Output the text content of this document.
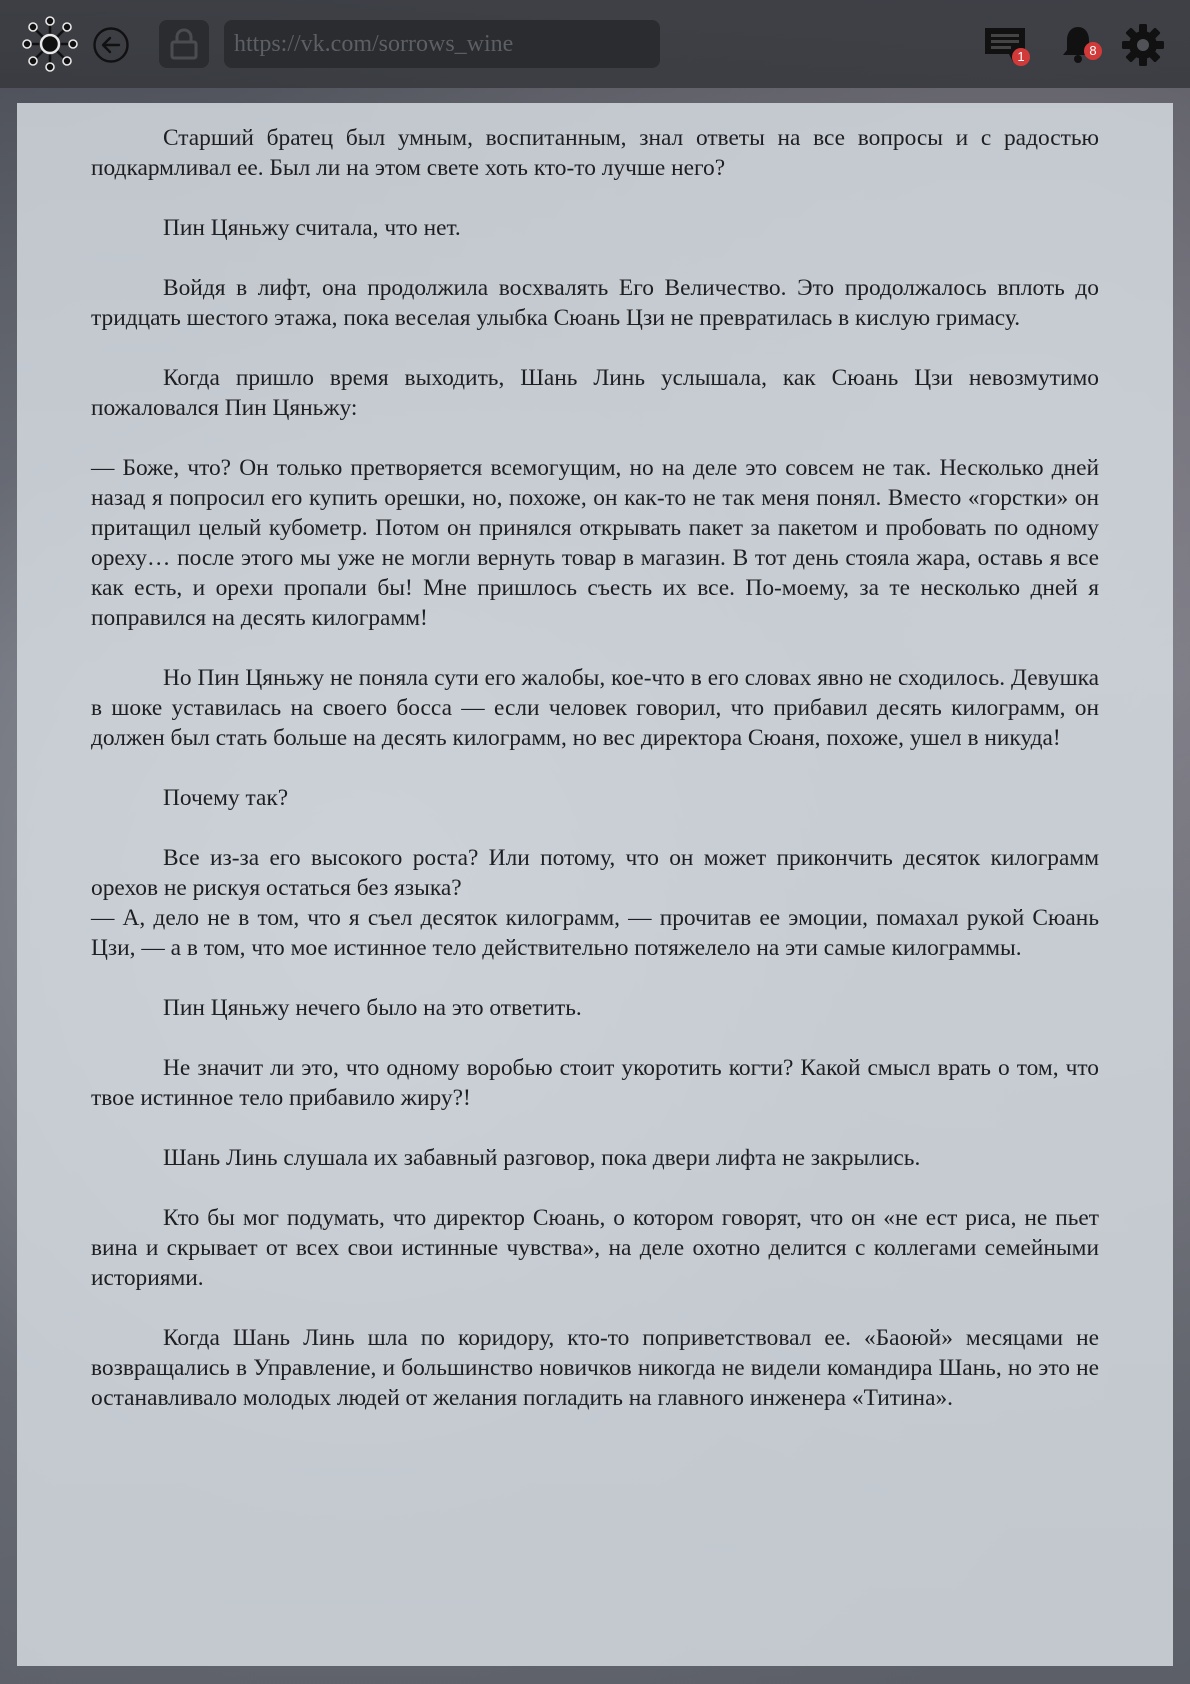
https://vk.com/sorrows_wine	1	8

Старший братец был умным, воспитанным, знал ответы на все вопросы и с радостью подкармливал ее. Был ли на этом свете хоть кто-то лучше него?

Пин Цяньжу считала, что нет.

Войдя в лифт, она продолжила восхвалять Его Величество. Это продолжалось вплоть до тридцать шестого этажа, пока веселая улыбка Сюань Цзи не превратилась в кислую гримасу.

Когда пришло время выходить, Шань Линь услышала, как Сюань Цзи невозмутимо пожаловался Пин Цяньжу:

— Боже, что? Он только претворяется всемогущим, но на деле это совсем не так. Несколько дней назад я попросил его купить орешки, но, похоже, он как-то не так меня понял. Вместо «горстки» он притащил целый кубометр. Потом он принялся открывать пакет за пакетом и пробовать по одному ореху… после этого мы уже не могли вернуть товар в магазин. В тот день стояла жара, оставь я все как есть, и орехи пропали бы! Мне пришлось съесть их все. По-моему, за те несколько дней я поправился на десять килограмм!

Но Пин Цяньжу не поняла сути его жалобы, кое-что в его словах явно не сходилось. Девушка в шоке уставилась на своего босса — если человек говорил, что прибавил десять килограмм, он должен был стать больше на десять килограмм, но вес директора Сюаня, похоже, ушел в никуда!

Почему так?

Все из-за его высокого роста? Или потому, что он может прикончить десяток килограмм орехов не рискуя остаться без языка?

— А, дело не в том, что я съел десяток килограмм, — прочитав ее эмоции, помахал рукой Сюань Цзи, — а в том, что мое истинное тело действительно потяжелело на эти самые килограммы.

Пин Цяньжу нечего было на это ответить.

Не значит ли это, что одному воробью стоит укоротить когти? Какой смысл врать о том, что твое истинное тело прибавило жиру?!

Шань Линь слушала их забавный разговор, пока двери лифта не закрылись.

Кто бы мог подумать, что директор Сюань, о котором говорят, что он «не ест риса, не пьет вина и скрывает от всех свои истинные чувства», на деле охотно делится с коллегами семейными историями.

Когда Шань Линь шла по коридору, кто-то поприветствовал ее. «Баоюй» месяцами не возвращались в Управление, и большинство новичков никогда не видели командира Шань, но это не останавливало молодых людей от желания погладить на главного инженера «Титина».
